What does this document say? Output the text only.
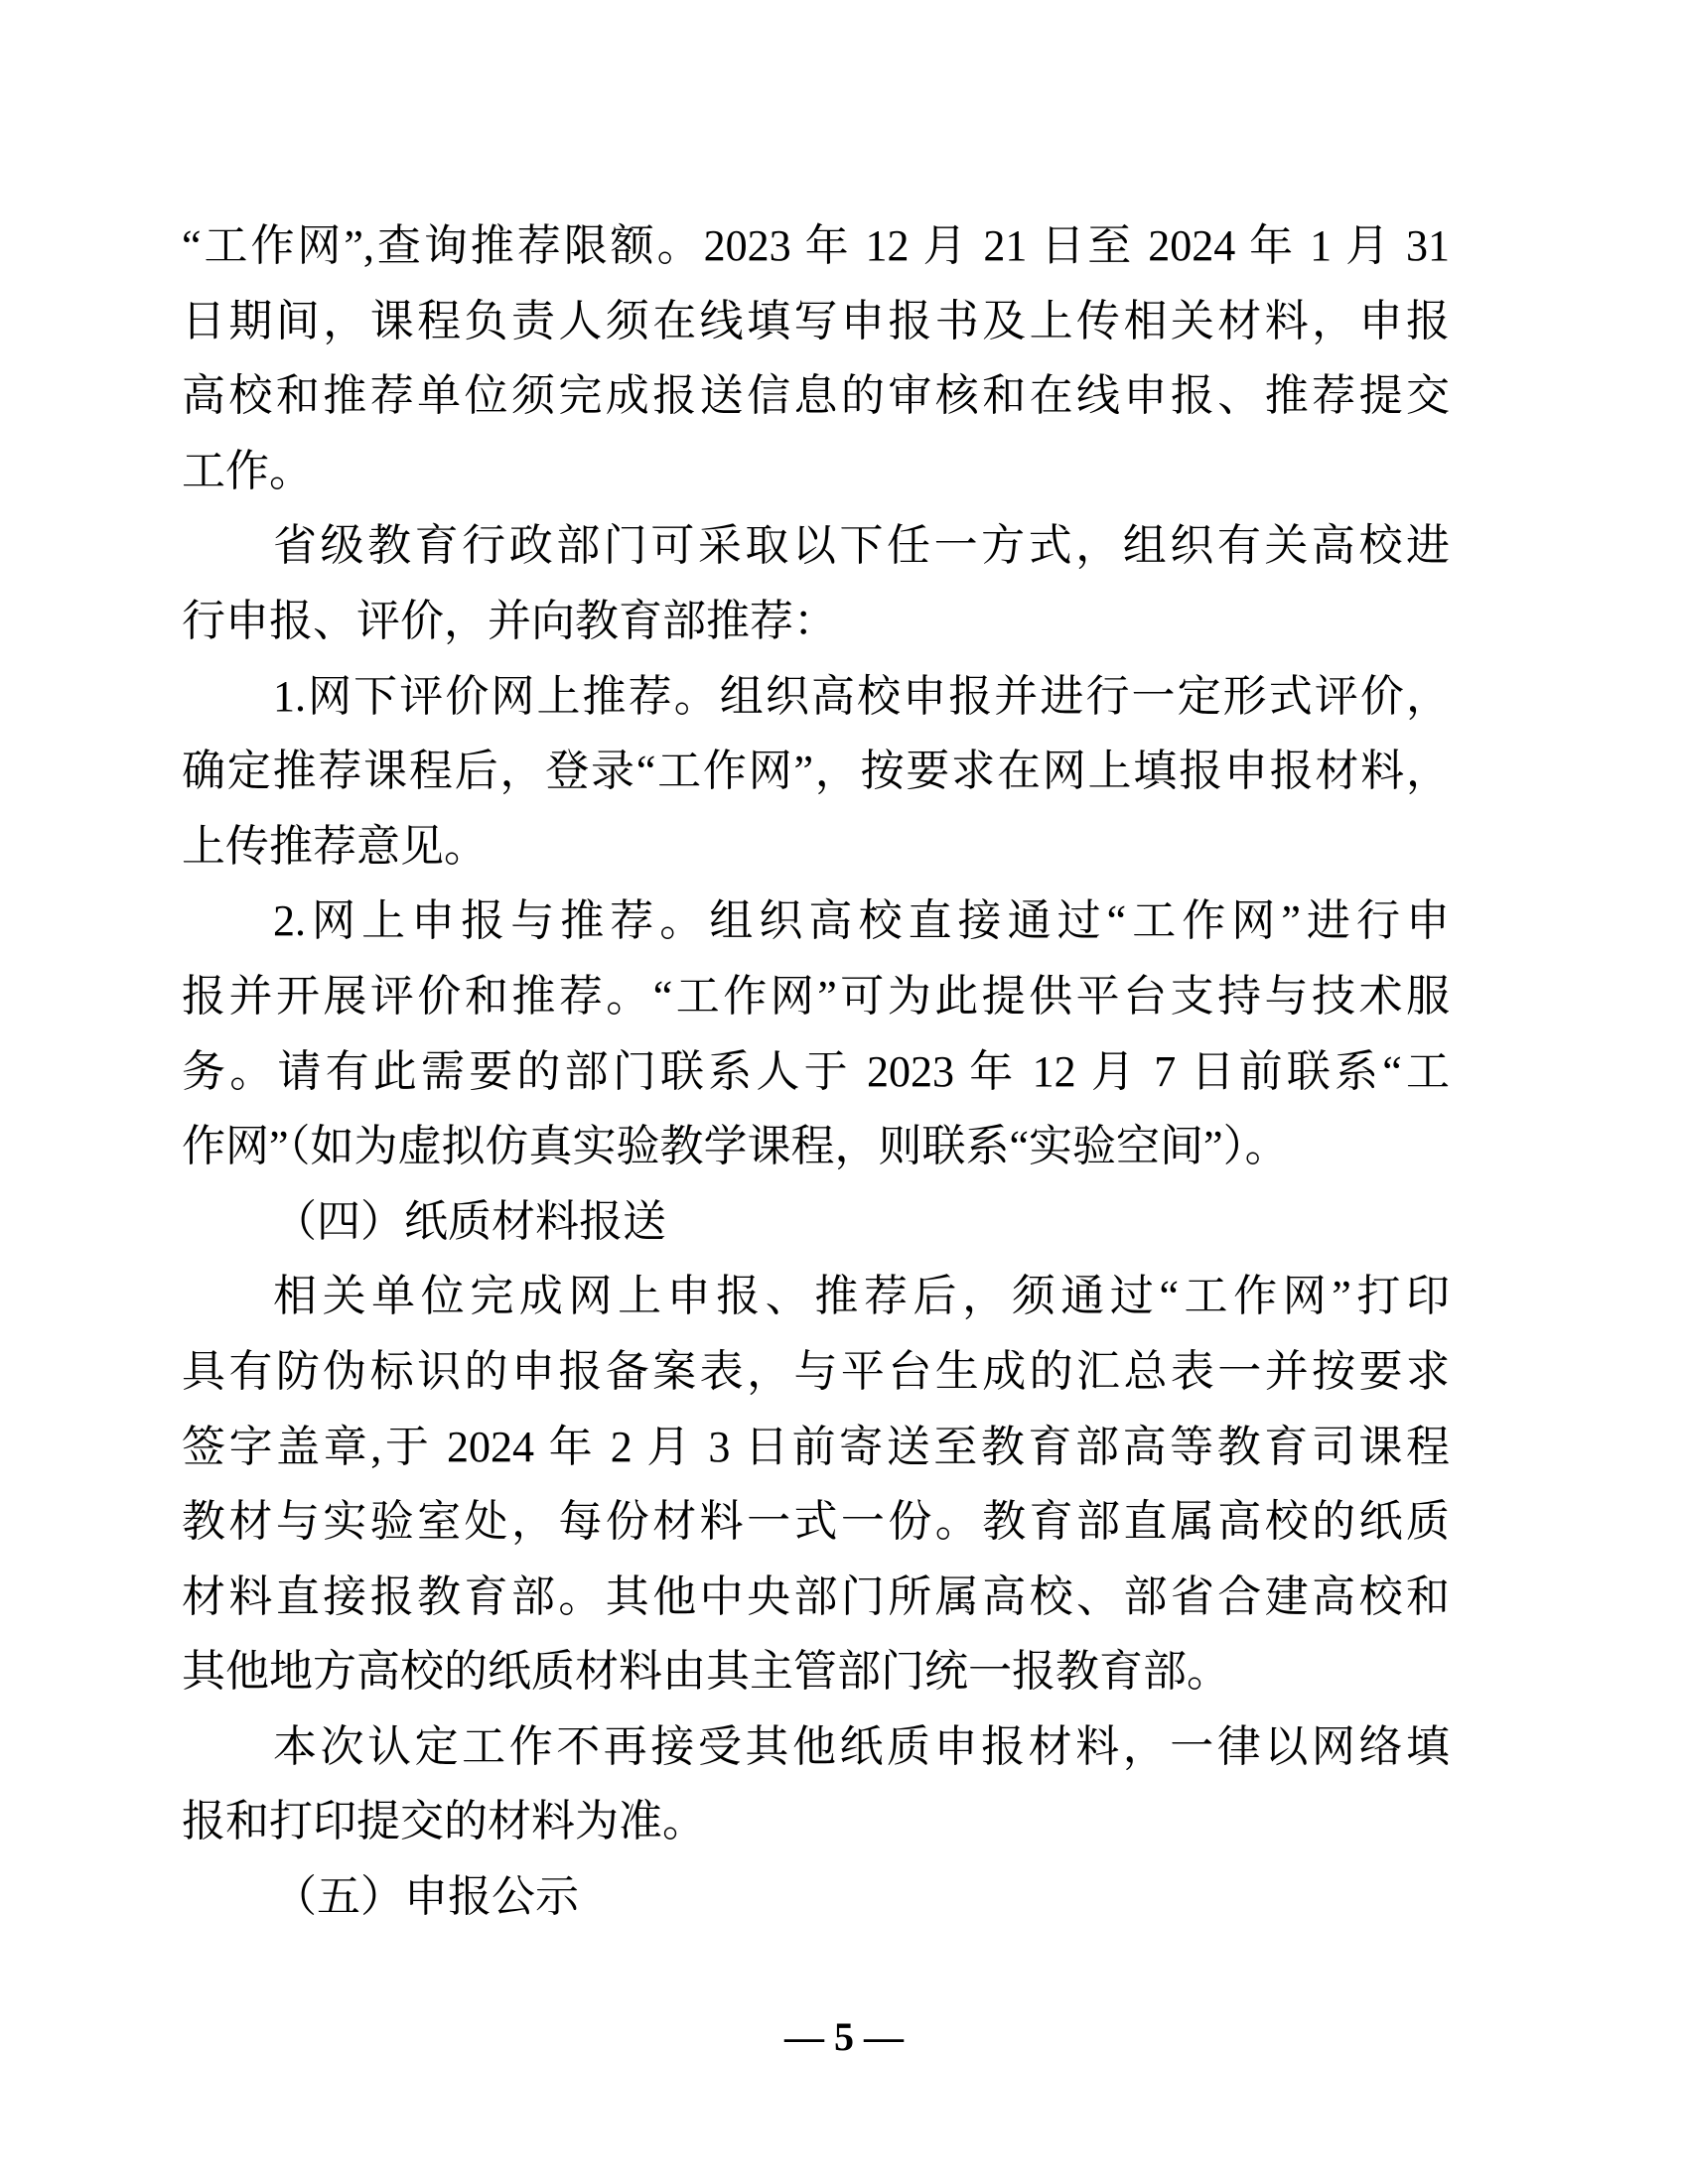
“工作网”,查询推荐限额。2023 年 12 月 21 日至 2024 年 1 月 31
日期间，课程负责人须在线填写申报书及上传相关材料，申报
高校和推荐单位须完成报送信息的审核和在线申报、推荐提交
工作。
省级教育行政部门可采取以下任一方式，组织有关高校进
行申报、评价，并向教育部推荐：
1.网下评价网上推荐。组织高校申报并进行一定形式评价，
确定推荐课程后，登录“工作网”，按要求在网上填报申报材料，
上传推荐意见。
2.网上申报与推荐。组织高校直接通过“工作网”进行申
报并开展评价和推荐。“工作网”可为此提供平台支持与技术服
务。请有此需要的部门联系人于 2023 年 12 月 7 日前联系“工
作网”（如为虚拟仿真实验教学课程，则联系“实验空间”）。
（四）纸质材料报送
相关单位完成网上申报、推荐后，须通过“工作网”打印
具有防伪标识的申报备案表，与平台生成的汇总表一并按要求
签字盖章,于 2024 年 2 月 3 日前寄送至教育部高等教育司课程
教材与实验室处，每份材料一式一份。教育部直属高校的纸质
材料直接报教育部。其他中央部门所属高校、部省合建高校和
其他地方高校的纸质材料由其主管部门统一报教育部。
本次认定工作不再接受其他纸质申报材料，一律以网络填
报和打印提交的材料为准。
（五）申报公示
— 5 —
